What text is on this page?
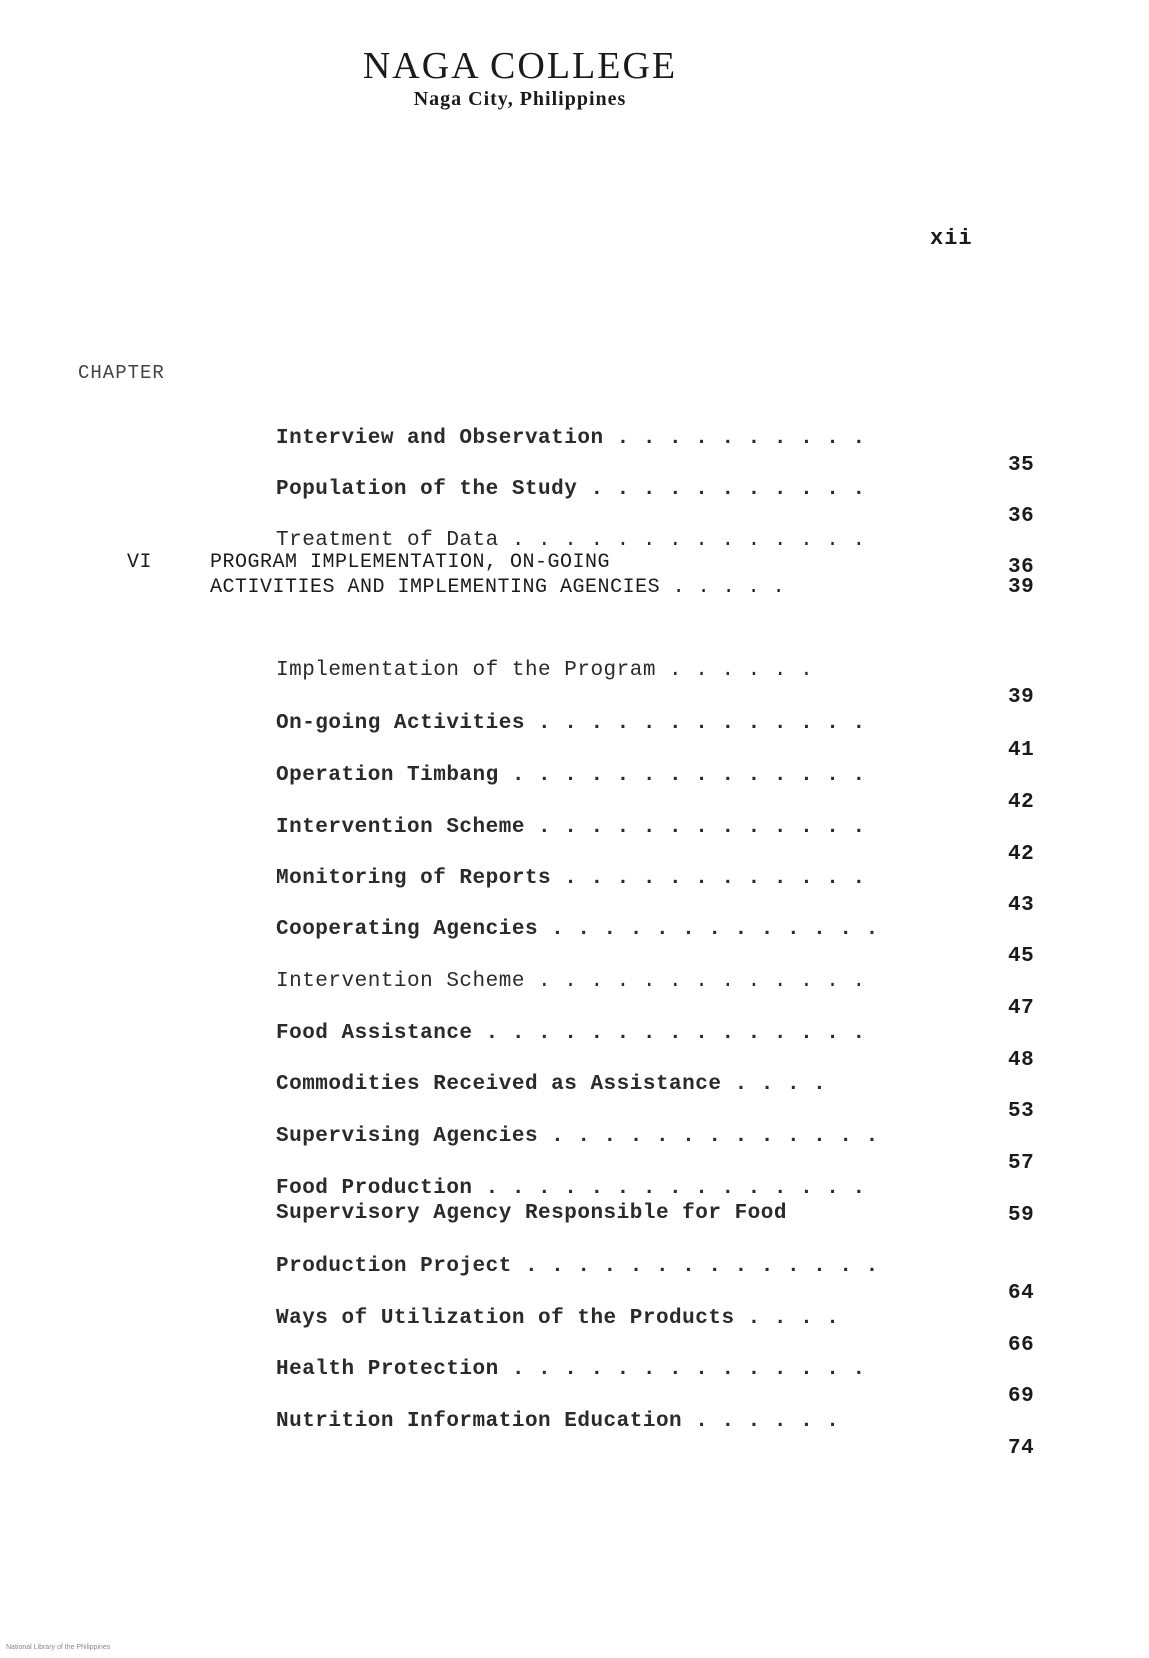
NAGA COLLEGE
Naga City, Philippines
xii
CHAPTER

Interview and Observation . . . . . . . . . .

35

Population of the Study . . . . . . . . . . .

36

Treatment of Data . . . . . . . . . . . . . .

36

VI	PROGRAM IMPLEMENTATION, ON-GOING
ACTIVITIES AND IMPLEMENTING AGENCIES . . . . .	39

Implementation of the Program . . . . . .

39

On-going Activities . . . . . . . . . . . . .

41

Operation Timbang . . . . . . . . . . . . . .

42

Intervention Scheme . . . . . . . . . . . . .

42

Monitoring of Reports . . . . . . . . . . . .

43

Cooperating Agencies . . . . . . . . . . . . .

45

Intervention Scheme . . . . . . . . . . . . .

47

Food Assistance . . . . . . . . . . . . . . .

48

Commodities Received as Assistance . . . .

53

Supervising Agencies . . . . . . . . . . . . .

57

Food Production . . . . . . . . . . . . . . .

59

Supervisory Agency Responsible for Food

Production Project . . . . . . . . . . . . . .

64

Ways of Utilization of the Products . . . .

66

Health Protection . . . . . . . . . . . . . .

69

Nutrition Information Education . . . . . .

74

National Library of the Philippines
